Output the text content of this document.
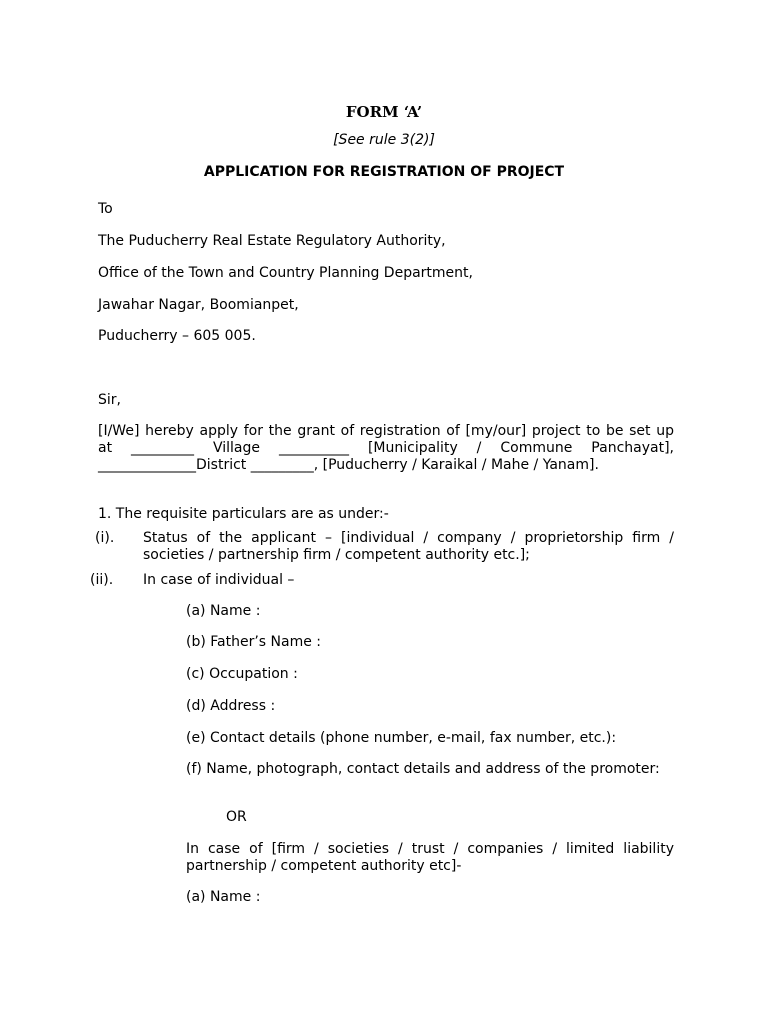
FORM ‘A’
[See rule 3(2)]
APPLICATION FOR REGISTRATION OF PROJECT
To
The Puducherry Real Estate Regulatory Authority,
Office of the Town and Country Planning Department,
Jawahar Nagar, Boomianpet,
Puducherry – 605 005.
Sir,
[I/We] hereby apply for the grant of registration of [my/our] project to be set up at _________ Village __________ [Municipality / Commune Panchayat], ______________District _________, [Puducherry / Karaikal / Mahe / Yanam].
1. The requisite particulars are as under:-
(i). Status of the applicant – [individual / company / proprietorship firm / societies / partnership firm / competent authority etc.];
(ii). In case of individual –
(a) Name :
(b) Father’s Name :
(c) Occupation :
(d) Address :
(e) Contact details (phone number, e-mail, fax number, etc.):
(f) Name, photograph, contact details and address of the promoter:
OR
In case of [firm / societies / trust / companies / limited liability partnership / competent authority etc]-
(a) Name :
